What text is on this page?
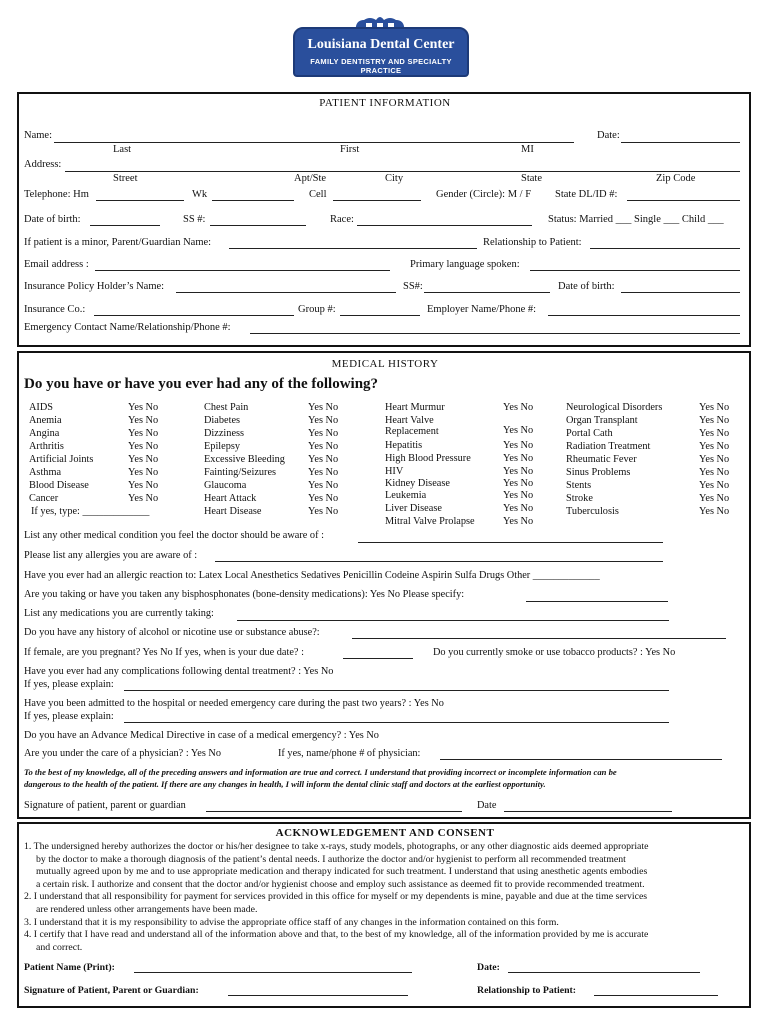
Louisiana Dental Center
FAMILY DENTISTRY AND SPECIALTY PRACTICE
PATIENT INFORMATION
Name:	Date:
Last	First	MI
Address:
Street	Apt/Ste	City	State	Zip Code
Telephone: Hm	Wk	Cell	Gender (Circle): M / F State DL/ID #:
Date of birth:	SS #:	Race:	Status: Married ___ Single ___ Child ___
If patient is a minor, Parent/Guardian Name:	Relationship to Patient:
Email address :	Primary language spoken:
Insurance Policy Holder’s Name:	SS#:	Date of birth:
Insurance Co.:	Group #:	Employer Name/Phone #:
Emergency Contact Name/Relationship/Phone #:
MEDICAL HISTORY
Do you have or have you ever had any of the following?
AIDS	Yes No
Anemia	Yes No
Angina	Yes No
Arthritis	Yes No
Artificial Joints	Yes No
Asthma	Yes No
Blood Disease	Yes No
Cancer	Yes No
Chest Pain	Yes No
Diabetes	Yes No
Dizziness	Yes No
Epilepsy	Yes No
Excessive Bleeding Yes No
Fainting/Seizures	Yes No
Glaucoma	Yes No
Heart Attack	Yes No
Heart Disease	Yes No
Heart Murmur	Yes No
Heart Valve Replacement	Yes No
Hepatitis	Yes No
High Blood Pressure	Yes No
HIV	Yes No
Kidney Disease	Yes No
Leukemia	Yes No
Liver Disease	Yes No
Mitral Valve Prolapse	Yes No
Neurological Disorders	Yes No
Organ Transplant	Yes No
Portal Cath	Yes No
Radiation Treatment	Yes No
Rheumatic Fever	Yes No
Sinus Problems	Yes No
Stents	Yes No
Stroke	Yes No
Tuberculosis	Yes No
If yes, type: _____________
List any other medical condition you feel the doctor should be aware of :
Please list any allergies you are aware of :
Have you ever had an allergic reaction to: Latex Local Anesthetics Sedatives Penicillin Codeine Aspirin Sulfa Drugs Other _____________
Are you taking or have you taken any bisphosphonates (bone-density medications): Yes No Please specify:
List any medications you are currently taking:
Do you have any history of alcohol or nicotine use or substance abuse?:
If female, are you pregnant? Yes No If yes, when is your due date? :	Do you currently smoke or use tobacco products? : Yes No
Have you ever had any complications following dental treatment? : Yes No
If yes, please explain:
Have you been admitted to the hospital or needed emergency care during the past two years? : Yes No
If yes, please explain:
Do you have an Advance Medical Directive in case of a medical emergency? : Yes No
Are you under the care of a physician? : Yes No	If yes, name/phone # of physician:
To the best of my knowledge, all of the preceding answers and information are true and correct. I understand that providing incorrect or incomplete information can be
dangerous to the health of the patient. If there are any changes in health, I will inform the dental clinic staff and doctors at the earliest opportunity.
Signature of patient, parent or guardian	Date
ACKNOWLEDGEMENT AND CONSENT
1. The undersigned hereby authorizes the doctor or his/her designee to take x-rays, study models, photographs, or any other diagnostic aids deemed appropriate
by the doctor to make a thorough diagnosis of the patient’s dental needs. I authorize the doctor and/or hygienist to perform all recommended treatment
mutually agreed upon by me and to use appropriate medication and therapy indicated for such treatment. I understand that using anesthetic agents embodies
a certain risk. I authorize and consent that the doctor and/or hygienist choose and employ such assistance as deemed fit to provide recommended treatment.
2. I understand that all responsibility for payment for services provided in this office for myself or my dependents is mine, payable and due at the time services
are rendered unless other arrangements have been made.
3. I understand that it is my responsibility to advise the appropriate office staff of any changes in the information contained on this form.
4. I certify that I have read and understand all of the information above and that, to the best of my knowledge, all of the information provided by me is accurate
and correct.
Patient Name (Print):	Date:
Signature of Patient, Parent or Guardian:	Relationship to Patient:
